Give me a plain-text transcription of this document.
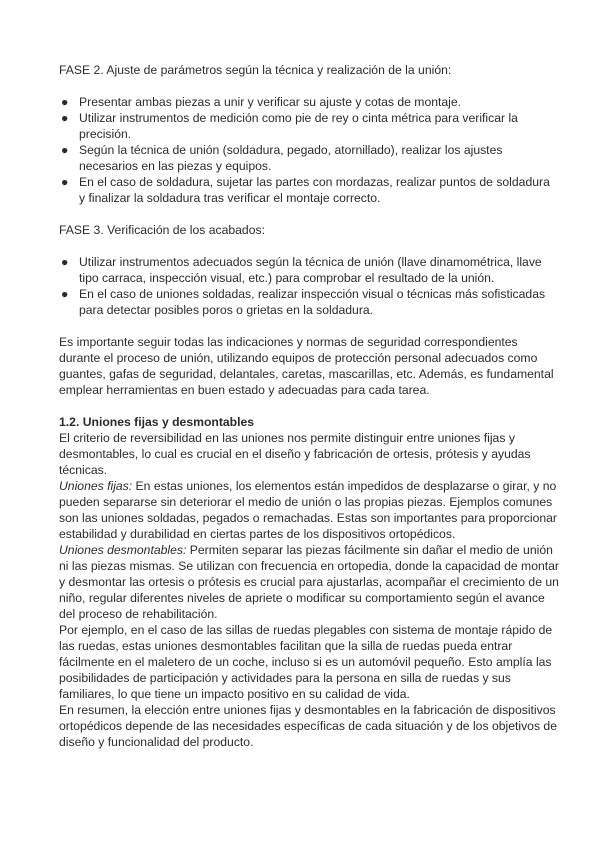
FASE 2. Ajuste de parámetros según la técnica y realización de la unión:

● Presentar ambas piezas a unir y verificar su ajuste y cotas de montaje.
● Utilizar instrumentos de medición como pie de rey o cinta métrica para verificar la precisión.
● Según la técnica de unión (soldadura, pegado, atornillado), realizar los ajustes necesarios en las piezas y equipos.
● En el caso de soldadura, sujetar las partes con mordazas, realizar puntos de soldadura y finalizar la soldadura tras verificar el montaje correcto.

FASE 3. Verificación de los acabados:

● Utilizar instrumentos adecuados según la técnica de unión (llave dinamométrica, llave tipo carraca, inspección visual, etc.) para comprobar el resultado de la unión.
● En el caso de uniones soldadas, realizar inspección visual o técnicas más sofisticadas para detectar posibles poros o grietas en la soldadura.

Es importante seguir todas las indicaciones y normas de seguridad correspondientes durante el proceso de unión, utilizando equipos de protección personal adecuados como guantes, gafas de seguridad, delantales, caretas, mascarillas, etc. Además, es fundamental emplear herramientas en buen estado y adecuadas para cada tarea.

1.2. Uniones fijas y desmontables

El criterio de reversibilidad en las uniones nos permite distinguir entre uniones fijas y desmontables, lo cual es crucial en el diseño y fabricación de ortesis, prótesis y ayudas técnicas.

Uniones fijas: En estas uniones, los elementos están impedidos de desplazarse o girar, y no pueden separarse sin deteriorar el medio de unión o las propias piezas. Ejemplos comunes son las uniones soldadas, pegados o remachadas. Estas son importantes para proporcionar estabilidad y durabilidad en ciertas partes de los dispositivos ortopédicos.

Uniones desmontables: Permiten separar las piezas fácilmente sin dañar el medio de unión ni las piezas mismas. Se utilizan con frecuencia en ortopedia, donde la capacidad de montar y desmontar las ortesis o prótesis es crucial para ajustarlas, acompañar el crecimiento de un niño, regular diferentes niveles de apriete o modificar su comportamiento según el avance del proceso de rehabilitación.

Por ejemplo, en el caso de las sillas de ruedas plegables con sistema de montaje rápido de las ruedas, estas uniones desmontables facilitan que la silla de ruedas pueda entrar fácilmente en el maletero de un coche, incluso si es un automóvil pequeño. Esto amplía las posibilidades de participación y actividades para la persona en silla de ruedas y sus familiares, lo que tiene un impacto positivo en su calidad de vida.

En resumen, la elección entre uniones fijas y desmontables en la fabricación de dispositivos ortopédicos depende de las necesidades específicas de cada situación y de los objetivos de diseño y funcionalidad del producto.
